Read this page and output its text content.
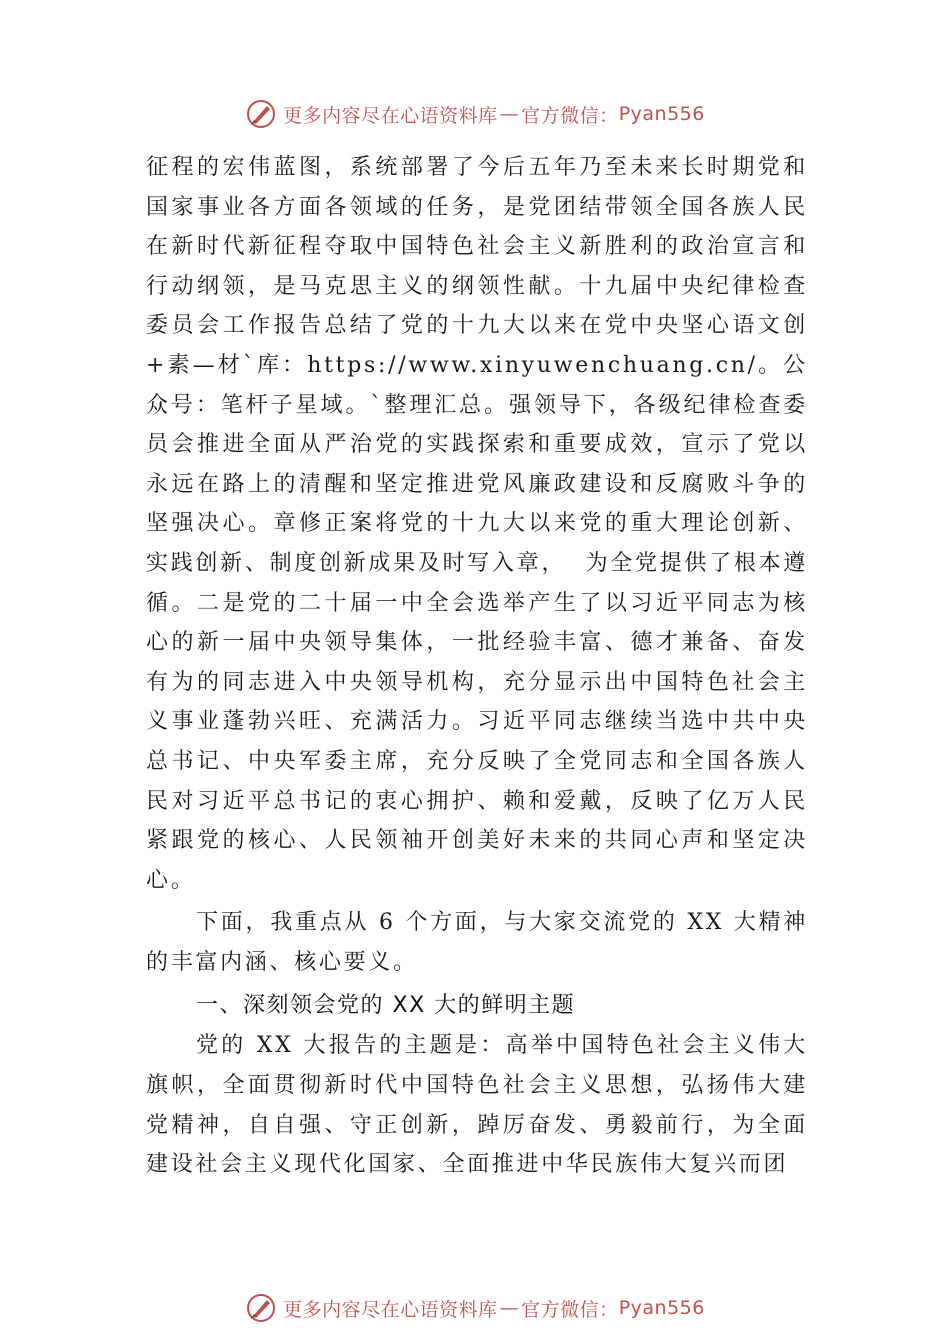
更多内容尽在心语资料库 — 官方微信： Pyan556

征程的宏伟蓝图，系统部署了今后五年乃至未来长时期党和国家事业各方面各领域的任务，是党团结带领全国各族人民在新时代新征程夺取中国特色社会主义新胜利的政治宣言和行动纲领，是马克思主义的纲领性献。十九届中央纪律检查委员会工作报告总结了党的十九大以来在党中央坚心语文创+素—材`库：https://www.xinyuwenchuang.cn/。公众号：笔杆子星域。`整理汇总。强领导下，各级纪律检查委员会推进全面从严治党的实践探索和重要成效，宣示了党以永远在路上的清醒和坚定推进党风廉政建设和反腐败斗争的坚强决心。章修正案将党的十九大以来党的重大理论创新、实践创新、制度创新成果及时写入章，  为全党提供了根本遵循。二是党的二十届一中全会选举产生了以习近平同志为核心的新一届中央领导集体，一批经验丰富、德才兼备、奋发有为的同志进入中央领导机构，充分显示出中国特色社会主义事业蓬勃兴旺、充满活力。习近平同志继续当选中共中央总书记、中央军委主席，充分反映了全党同志和全国各族人民对习近平总书记的衷心拥护、赖和爱戴，反映了亿万人民紧跟党的核心、人民领袖开创美好未来的共同心声和坚定决心。

下面，我重点从 6 个方面，与大家交流党的 XX 大精神的丰富内涵、核心要义。

一、深刻领会党的 XX 大的鲜明主题

党的 XX 大报告的主题是：高举中国特色社会主义伟大旗帜，全面贯彻新时代中国特色社会主义思想，弘扬伟大建党精神，自自强、守正创新，踔厉奋发、勇毅前行，为全面建设社会主义现代化国家、全面推进中华民族伟大复兴而团

更多内容尽在心语资料库 — 官方微信： Pyan556
